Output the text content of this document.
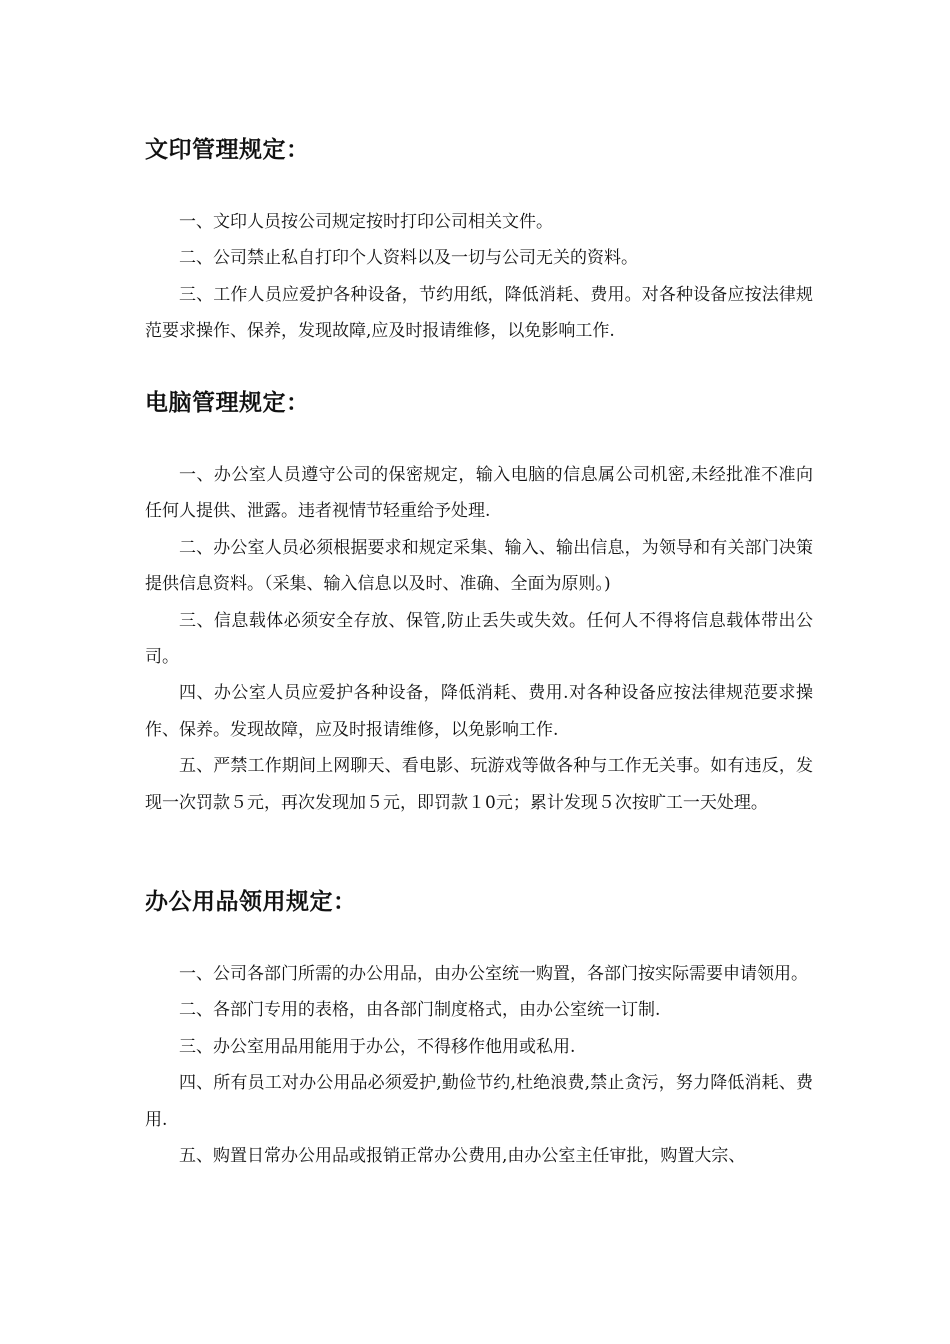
文印管理规定：

一、文印人员按公司规定按时打印公司相关文件。

二、公司禁止私自打印个人资料以及一切与公司无关的资料。

三、工作人员应爱护各种设备，节约用纸，降低消耗、费用。对各种设备应按法律规范要求操作、保养，发现故障,应及时报请维修，以免影响工作.

电脑管理规定：

一、办公室人员遵守公司的保密规定，输入电脑的信息属公司机密,未经批准不准向任何人提供、泄露。违者视情节轻重给予处理.

二、办公室人员必须根据要求和规定采集、输入、输出信息，为领导和有关部门决策提供信息资料。（采集、输入信息以及时、准确、全面为原则。)

三、信息载体必须安全存放、保管,防止丢失或失效。任何人不得将信息载体带出公司。

四、办公室人员应爱护各种设备，降低消耗、费用.对各种设备应按法律规范要求操作、保养。发现故障，应及时报请维修，以免影响工作.

五、严禁工作期间上网聊天、看电影、玩游戏等做各种与工作无关事。如有违反，发现一次罚款５元，再次发现加５元，即罚款１0元；累计发现５次按旷工一天处理。

办公用品领用规定：

一、公司各部门所需的办公用品，由办公室统一购置，各部门按实际需要申请领用。

二、各部门专用的表格，由各部门制度格式，由办公室统一订制.

三、办公室用品用能用于办公，不得移作他用或私用.

四、所有员工对办公用品必须爱护,勤俭节约,杜绝浪费,禁止贪污，努力降低消耗、费用.

五、购置日常办公用品或报销正常办公费用,由办公室主任审批，购置大宗、
